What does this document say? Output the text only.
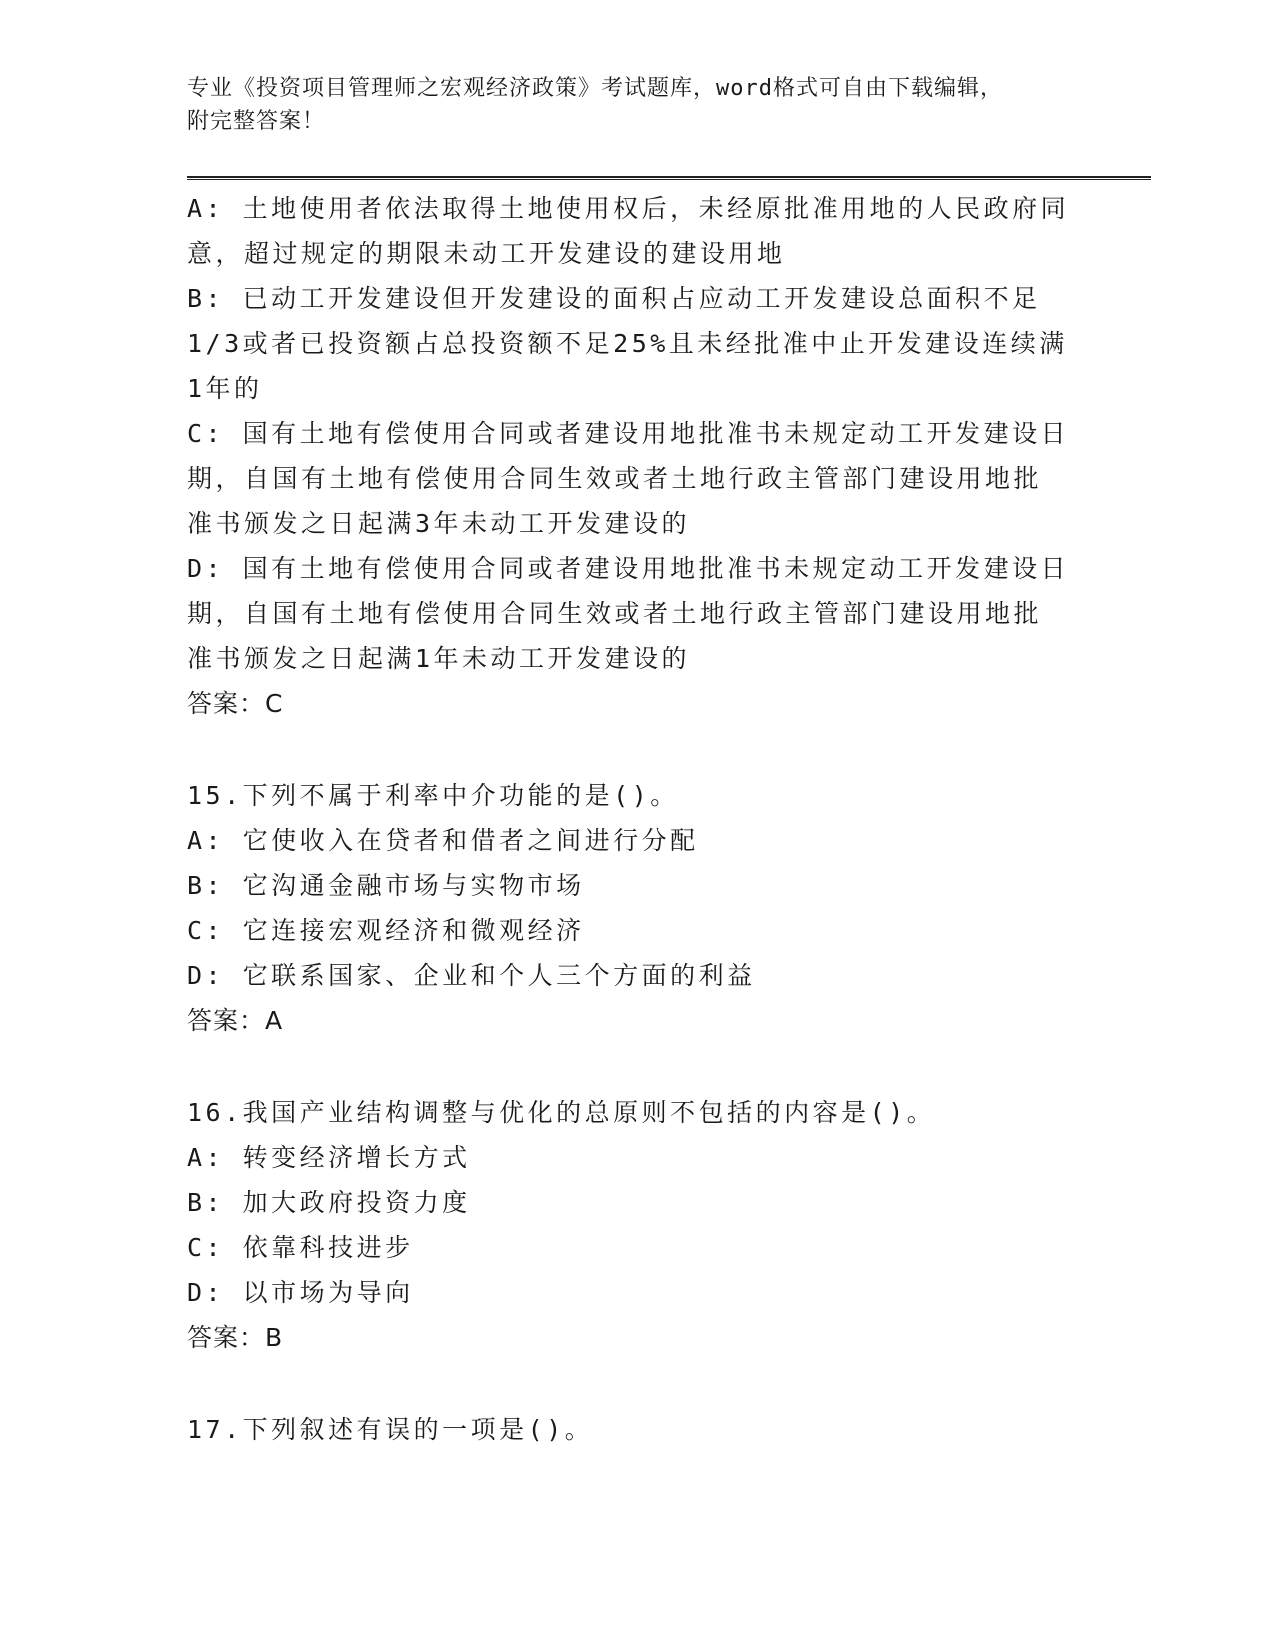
专业《投资项目管理师之宏观经济政策》考试题库，word格式可自由下载编辑，
附完整答案！
A: 土地使用者依法取得土地使用权后，未经原批准用地的人民政府同
意，超过规定的期限未动工开发建设的建设用地
B: 已动工开发建设但开发建设的面积占应动工开发建设总面积不足
1/3或者已投资额占总投资额不足25%且未经批准中止开发建设连续满
1年的
C: 国有土地有偿使用合同或者建设用地批准书未规定动工开发建设日
期，自国有土地有偿使用合同生效或者土地行政主管部门建设用地批
准书颁发之日起满3年未动工开发建设的
D: 国有土地有偿使用合同或者建设用地批准书未规定动工开发建设日
期，自国有土地有偿使用合同生效或者土地行政主管部门建设用地批
准书颁发之日起满1年未动工开发建设的
答案：C
15.下列不属于利率中介功能的是()。
A: 它使收入在贷者和借者之间进行分配
B: 它沟通金融市场与实物市场
C: 它连接宏观经济和微观经济
D: 它联系国家、企业和个人三个方面的利益
答案：A
16.我国产业结构调整与优化的总原则不包括的内容是()。
A: 转变经济增长方式
B: 加大政府投资力度
C: 依靠科技进步
D: 以市场为导向
答案：B
17.下列叙述有误的一项是()。
